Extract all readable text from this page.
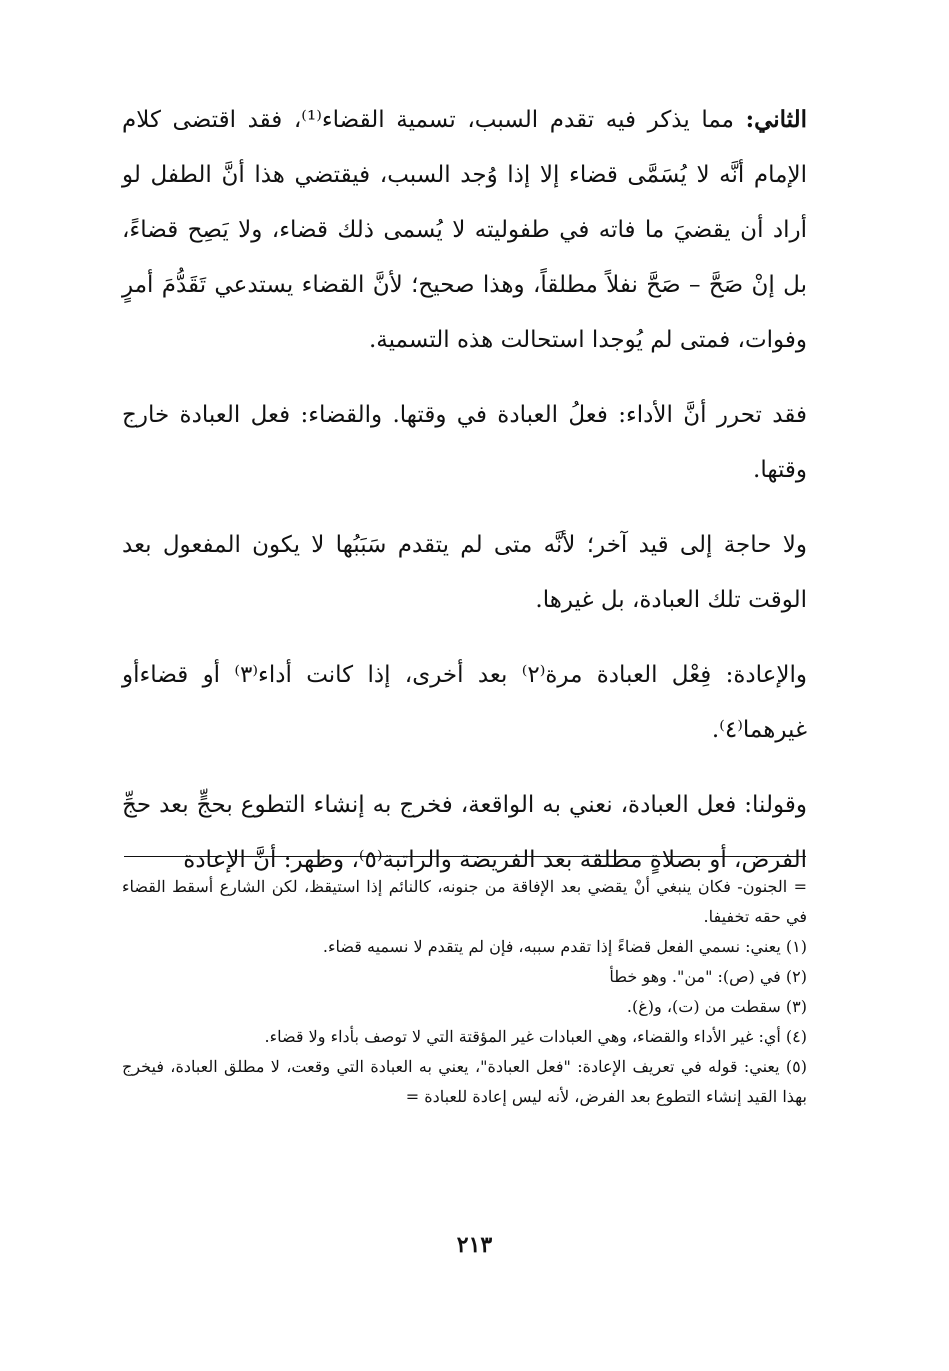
الثاني: مما يذكر فيه تقدم السبب، تسمية القضاء⁽¹⁾، فقد اقتضى كلام الإمام أنَّه لا يُسَمَّى قضاء إلا إذا وُجد السبب، فيقتضي هذا أنَّ الطفل لو أراد أن يقضيَ ما فاته في طفوليته لا يُسمى ذلك قضاء، ولا يَصِح قضاءً، بل إنْ صَحَّ – صَحَّ نفلاً مطلقاً، وهذا صحيح؛ لأنَّ القضاء يستدعي تَقَدُّمَ أمرٍ وفوات، فمتى لم يُوجدا استحالت هذه التسمية.

فقد تحرر أنَّ الأداء: فعلُ العبادة في وقتها. والقضاء: فعل العبادة خارج وقتها.

ولا حاجة إلى قيد آخر؛ لأنَّه متى لم يتقدم سَبَبُها لا يكون المفعول بعد الوقت تلك العبادة، بل غيرها.

والإعادة: فِعْل العبادة مرة⁽٢⁾ بعد أخرى، إذا كانت أداء⁽٣⁾ أو قضاءأو غيرهما⁽٤⁾.

وقولنا: فعل العبادة، نعني به الواقعة، فخرج به إنشاء التطوع بحجٍّ بعد حجِّ الفرض، أو بصلاةٍ مطلقة بعد الفريضة والراتبة⁽٥⁾، وظهر: أنَّ الإعادة

= الجنون- فكان ينبغي أنْ يقضي بعد الإفاقة من جنونه، كالنائم إذا استيقظ، لكن الشارع أسقط القضاء في حقه تخفيفا.

(١) يعني: نسمي الفعل قضاءً إذا تقدم سببه، فإن لم يتقدم لا نسميه قضاء.

(٢) في (ص): "من". وهو خطأ

(٣) سقطت من (ت)، و(غ).

(٤) أي: غير الأداء والقضاء، وهي العبادات غير المؤقتة التي لا توصف بأداء ولا قضاء.

(٥) يعني: قوله في تعريف الإعادة: "فعل العبادة"، يعني به العبادة التي وقعت، لا مطلق العبادة، فيخرج بهذا القيد إنشاء التطوع بعد الفرض، لأنه ليس إعادة للعبادة =

٢١٣
